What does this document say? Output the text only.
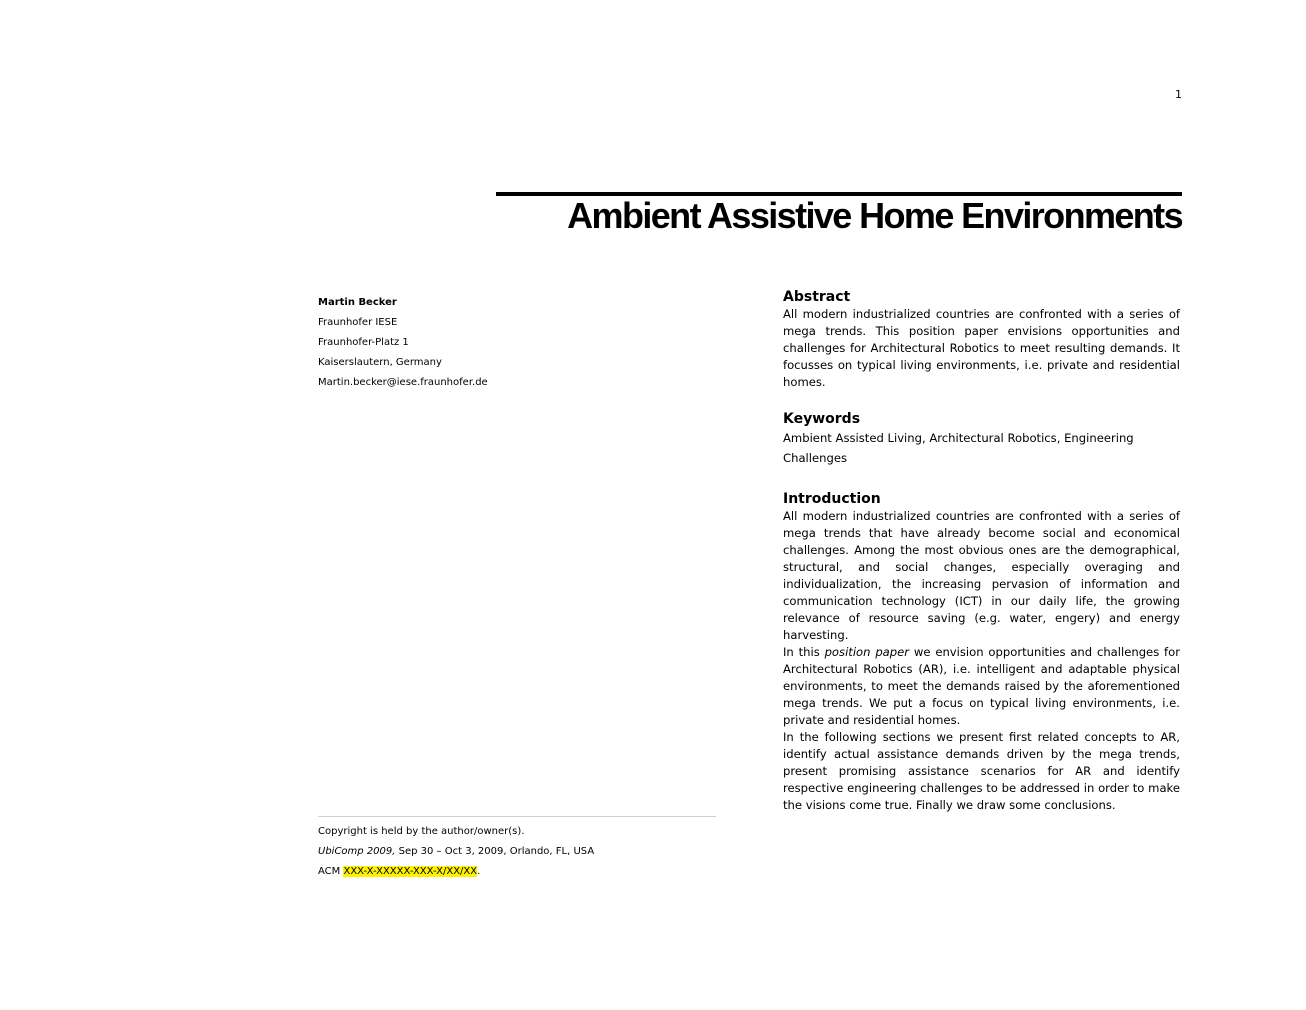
1
Ambient Assistive Home Environments
Martin Becker
Fraunhofer IESE
Fraunhofer-Platz 1
Kaiserslautern, Germany
Martin.becker@iese.fraunhofer.de
Copyright is held by the author/owner(s).
UbiComp 2009, Sep 30 – Oct 3, 2009, Orlando, FL, USA
ACM XXX-X-XXXXX-XXX-X/XX/XX.
Abstract

All modern industrialized countries are confronted with a series of mega trends. This position paper envisions opportunities and challenges for Architectural Robotics to meet resulting demands. It focusses on typical living environments, i.e. private and residential homes.

Keywords

Ambient Assisted Living, Architectural Robotics, Engineering Challenges

Introduction
All modern industrialized countries are confronted with a series of mega trends that have already become social and economical challenges. Among the most obvious ones are the demographical, structural, and social changes, especially overaging and individualization, the increasing pervasion of information and communication technology (ICT) in our daily life, the growing relevance of resource saving (e.g. water, engery) and energy harvesting.
In this position paper we envision opportunities and challenges for Architectural Robotics (AR), i.e. intelligent and adaptable physical environments, to meet the demands raised by the aforementioned mega trends. We put a focus on typical living environments, i.e. private and residential homes.
In the following sections we present first related concepts to AR, identify actual assistance demands driven by the mega trends, present promising assistance scenarios for AR and identify respective engineering challenges to be addressed in order to make the visions come true. Finally we draw some conclusions.
